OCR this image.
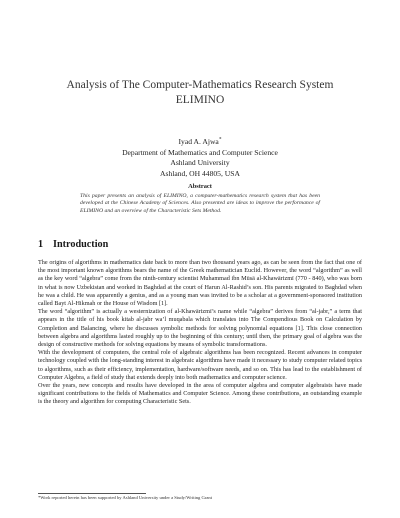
Analysis of The Computer-Mathematics Research System
ELIMINO
Iyad A. Ajwa*
Department of Mathematics and Computer Science
Ashland University
Ashland, OH 44805, USA
Abstract
This paper presents an analysis of ELIMINO, a computer-mathematics research system that has been developed at the Chinese Academy of Sciences. Also presented are ideas to improve the performance of ELIMINO and an overview of the Characteristic Sets Method.
1 Introduction

The origins of algorithms in mathematics date back to more than two thousand years ago, as can be seen from the fact that one of the most important known algorithms bears the name of the Greek mathematician Euclid. However, the word “algorithm” as well as the key word “algebra” come from the ninth-century scientist Muhammad ibn Mūsā al-Khawārizmī (770 - 840), who was born in what is now Uzbekistan and worked in Baghdad at the court of Harun Al-Rashid’s son. His parents migrated to Baghdad when he was a child. He was apparently a genius, and as a young man was invited to be a scholar at a government-sponsored institution called Bayt Al-Hikmah or the House of Wisdom [1].

The word “algorithm” is actually a westernization of al-Khawārizmī’s name while “algebra” derives from “al-jabr,” a term that appears in the title of his book kitab al-jabr wa’l muqabala which translates into The Compendious Book on Calculation by Completion and Balancing, where he discusses symbolic methods for solving polynomial equations [1]. This close connection between algebra and algorithms lasted roughly up to the beginning of this century; until then, the primary goal of algebra was the design of constructive methods for solving equations by means of symbolic transformations.

With the development of computers, the central role of algebraic algorithms has been recognized. Recent advances in computer technology coupled with the long-standing interest in algebraic algorithms have made it necessary to study computer related topics to algorithms, such as their efficiency, implementation, hardware/software needs, and so on. This has lead to the establishment of Computer Algebra, a field of study that extends deeply into both mathematics and computer science.

Over the years, new concepts and results have developed in the area of computer algebra and computer algebraists have made significant contributions to the fields of Mathematics and Computer Science. Among these contributions, an outstanding example is the theory and algorithm for computing Characteristic Sets.

*Work reported herein has been supported by Ashland University under a Study/Writing Grant
